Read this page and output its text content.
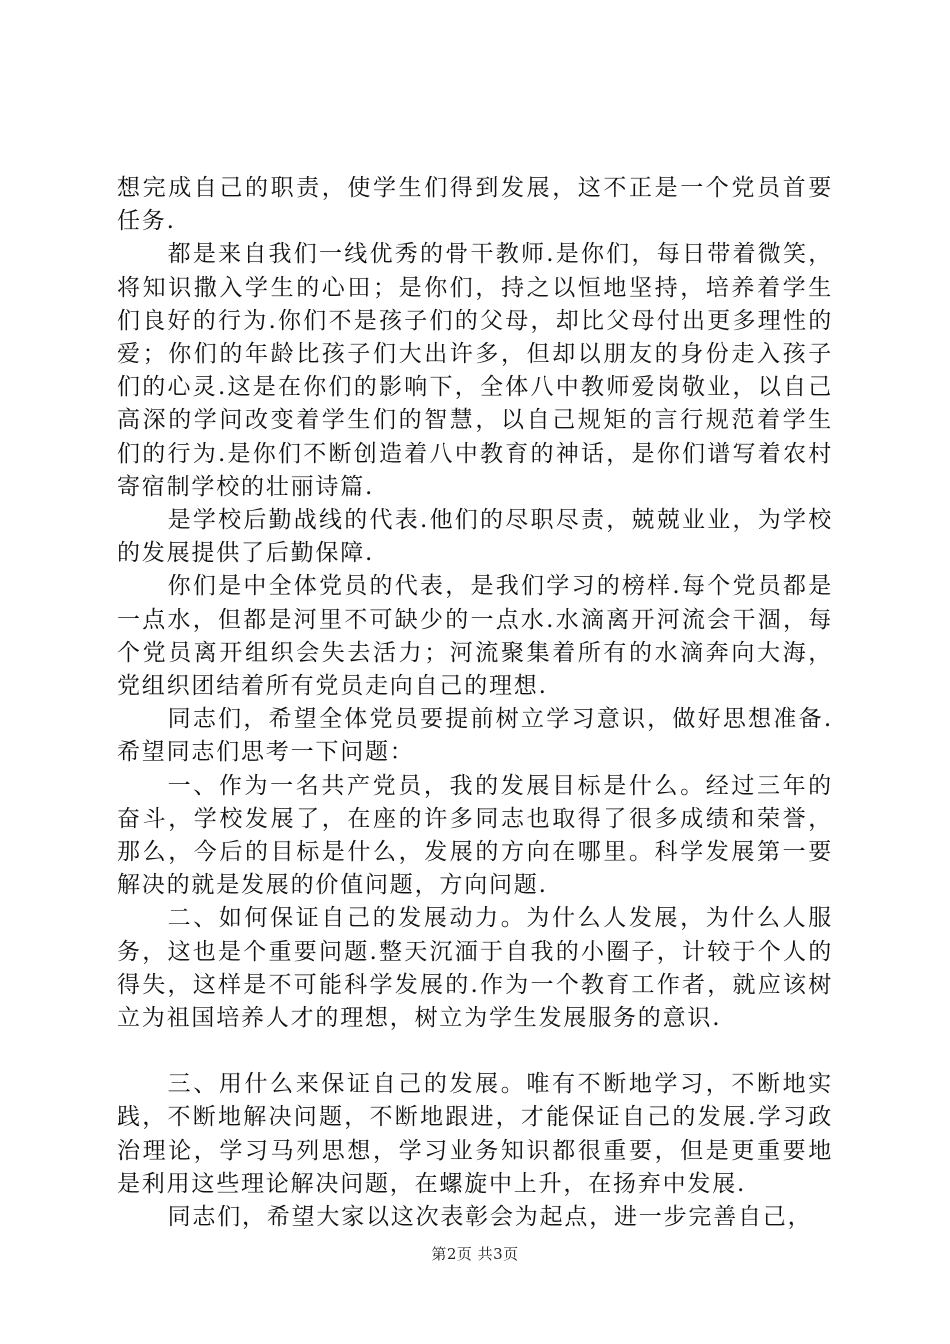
想完成自己的职责，使学生们得到发展，这不正是一个党员首要任务.

都是来自我们一线优秀的骨干教师.是你们，每日带着微笑，将知识撒入学生的心田；是你们，持之以恒地坚持，培养着学生们良好的行为.你们不是孩子们的父母，却比父母付出更多理性的爱；你们的年龄比孩子们大出许多，但却以朋友的身份走入孩子们的心灵.这是在你们的影响下，全体八中教师爱岗敬业，以自己高深的学问改变着学生们的智慧，以自己规矩的言行规范着学生们的行为.是你们不断创造着八中教育的神话，是你们谱写着农村寄宿制学校的壮丽诗篇.

是学校后勤战线的代表.他们的尽职尽责，兢兢业业，为学校的发展提供了后勤保障.

你们是中全体党员的代表，是我们学习的榜样.每个党员都是一点水，但都是河里不可缺少的一点水.水滴离开河流会干涸，每个党员离开组织会失去活力；河流聚集着所有的水滴奔向大海，党组织团结着所有党员走向自己的理想.

同志们，希望全体党员要提前树立学习意识，做好思想准备.希望同志们思考一下问题：

一、作为一名共产党员，我的发展目标是什么。经过三年的奋斗，学校发展了，在座的许多同志也取得了很多成绩和荣誉，那么，今后的目标是什么，发展的方向在哪里。科学发展第一要解决的就是发展的价值问题，方向问题.

二、如何保证自己的发展动力。为什么人发展，为什么人服务，这也是个重要问题.整天沉湎于自我的小圈子，计较于个人的得失，这样是不可能科学发展的.作为一个教育工作者，就应该树立为祖国培养人才的理想，树立为学生发展服务的意识.

三、用什么来保证自己的发展。唯有不断地学习，不断地实践，不断地解决问题，不断地跟进，才能保证自己的发展.学习政治理论，学习马列思想，学习业务知识都很重要，但是更重要地是利用这些理论解决问题，在螺旋中上升，在扬弃中发展.

同志们，希望大家以这次表彰会为起点，进一步完善自己，

第2页 共3页
